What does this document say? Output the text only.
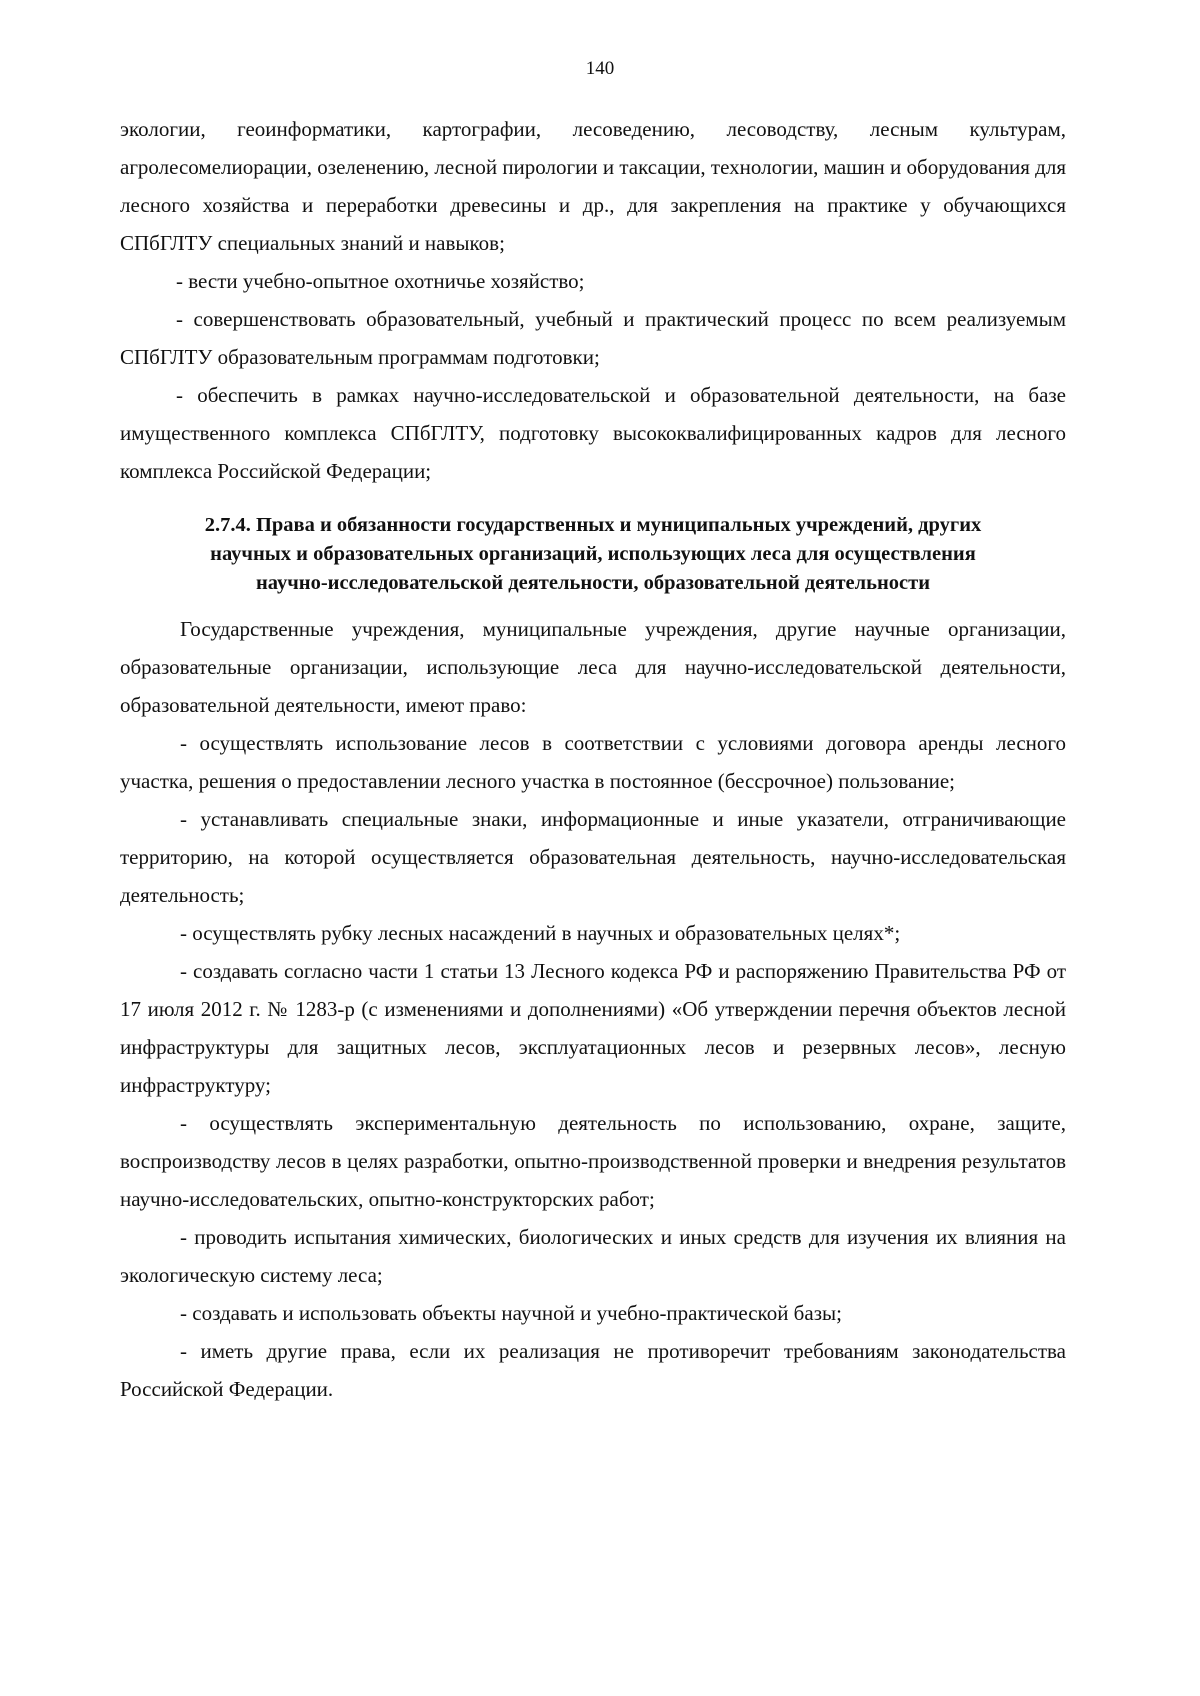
140

экологии, геоинформатики, картографии, лесоведению, лесоводству, лесным культурам, агролесомелиорации, озеленению, лесной пирологии и таксации, технологии, машин и оборудования для лесного хозяйства и переработки древесины и др., для закрепления на практике у обучающихся СПбГЛТУ специальных знаний и навыков;

- вести учебно-опытное охотничье хозяйство;

- совершенствовать образовательный, учебный и практический процесс по всем реализуемым СПбГЛТУ образовательным программам подготовки;

- обеспечить в рамках научно-исследовательской и образовательной деятельности, на базе имущественного комплекса СПбГЛТУ, подготовку высококвалифицированных кадров для лесного комплекса Российской Федерации;

2.7.4. Права и обязанности государственных и муниципальных учреждений, других
научных и образовательных организаций, использующих леса для осуществления
научно-исследовательской деятельности, образовательной деятельности

Государственные учреждения, муниципальные учреждения, другие научные организации, образовательные организации, использующие леса для научно-исследовательской деятельности, образовательной деятельности, имеют право:

- осуществлять использование лесов в соответствии с условиями договора аренды лесного участка, решения о предоставлении лесного участка в постоянное (бессрочное) пользование;

- устанавливать специальные знаки, информационные и иные указатели, отграничивающие территорию, на которой осуществляется образовательная деятельность, научно-исследовательская деятельность;

- осуществлять рубку лесных насаждений в научных и образовательных целях*;

- создавать согласно части 1 статьи 13 Лесного кодекса РФ и распоряжению Правительства РФ от 17 июля 2012 г. № 1283-р (с изменениями и дополнениями) «Об утверждении перечня объектов лесной инфраструктуры для защитных лесов, эксплуатационных лесов и резервных лесов», лесную инфраструктуру;

- осуществлять экспериментальную деятельность по использованию, охране, защите, воспроизводству лесов в целях разработки, опытно-производственной проверки и внедрения результатов научно-исследовательских, опытно-конструкторских работ;

- проводить испытания химических, биологических и иных средств для изучения их влияния на экологическую систему леса;

- создавать и использовать объекты научной и учебно-практической базы;

- иметь другие права, если их реализация не противоречит требованиям законодательства Российской Федерации.
